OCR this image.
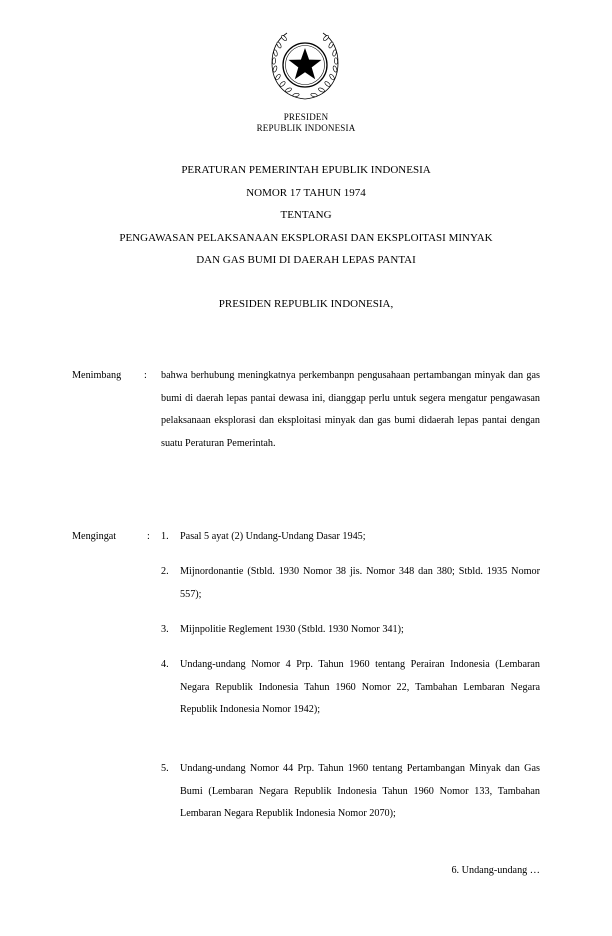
PRESIDEN
REPUBLIK INDONESIA
PERATURAN PEMERINTAH EPUBLIK INDONESIA
NOMOR 17 TAHUN 1974
TENTANG
PENGAWASAN PELAKSANAAN EKSPLORASI DAN EKSPLOITASI MINYAK
DAN GAS BUMI DI DAERAH LEPAS PANTAI
PRESIDEN REPUBLIK INDONESIA,
Menimbang : bahwa berhubung meningkatnya perkembanpn pengusahaan pertambangan minyak dan gas bumi di daerah lepas pantai dewasa ini, dianggap perlu untuk segera mengatur pengawasan pelaksanaan eksplorasi dan eksploitasi minyak dan gas bumi didaerah lepas pantai dengan suatu Peraturan Pemerintah.

Mengingat	: 1.	Pasal 5 ayat (2) Undang-Undang Dasar 1945;
2.	Mijnordonantie (Stbld. 1930 Nomor 38 jis. Nomor 348 dan 380; Stbld. 1935 Nomor 557);
3.	Mijnpolitie Reglement 1930 (Stbld. 1930 Nomor 341);
4.	Undang-undang Nomor 4 Prp. Tahun 1960 tentang Perairan Indonesia (Lembaran Negara Republik Indonesia Tahun 1960 Nomor 22, Tambahan Lembaran Negara Republik Indonesia Nomor 1942);
5.	Undang-undang Nomor 44 Prp. Tahun 1960 tentang Pertambangan Minyak dan Gas Bumi (Lembaran Negara Republik Indonesia Tahun 1960 Nomor 133, Tambahan Lembaran Negara Republik Indonesia Nomor 2070);
6. Undang-undang …
